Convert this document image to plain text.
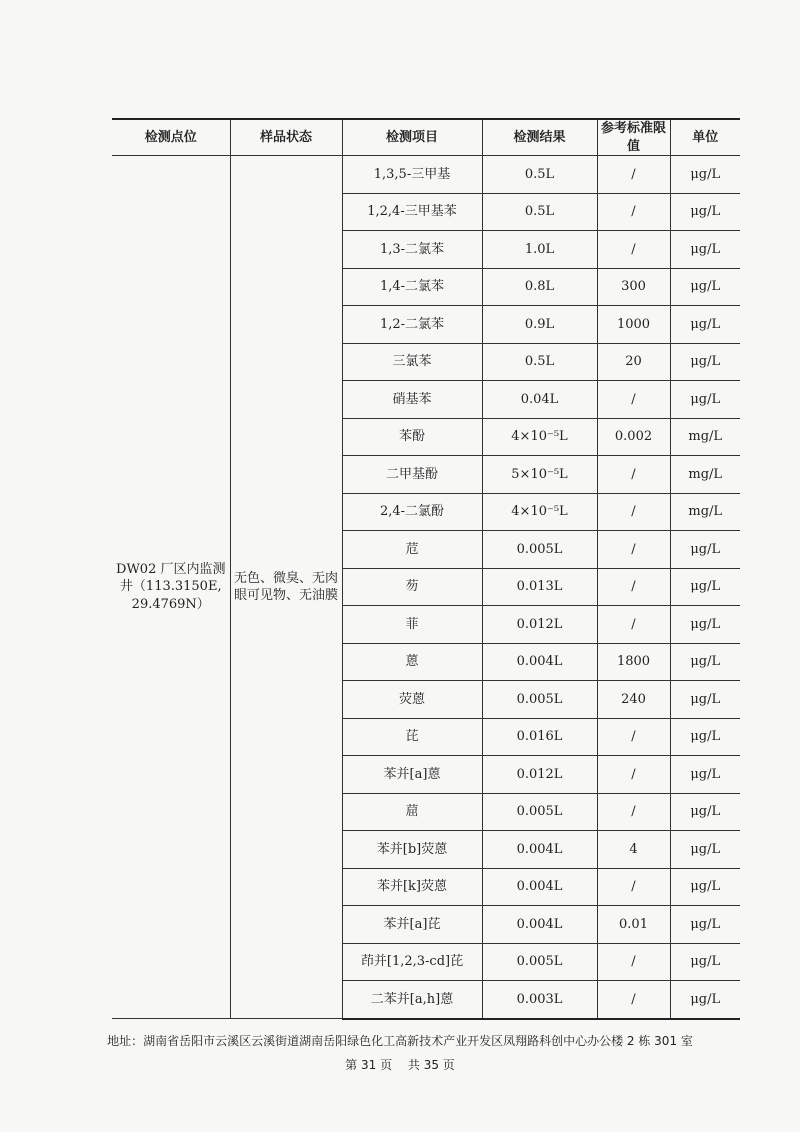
检测点位	样品状态	检测项目	检测结果	参考标准限值	单位
DW02 厂区内监测井（113.3150E, 29.4769N）	无色、微臭、无肉眼可见物、无油膜	1,3,5-三甲基	0.5L	/	μg/L
		1,2,4-三甲基苯	0.5L	/	μg/L
		1,3-二氯苯	1.0L	/	μg/L
		1,4-二氯苯	0.8L	300	μg/L
		1,2-二氯苯	0.9L	1000	μg/L
		三氯苯	0.5L	20	μg/L
		硝基苯	0.04L	/	μg/L
		苯酚	4×10⁻⁵L	0.002	mg/L
		二甲基酚	5×10⁻⁵L	/	mg/L
		2,4-二氯酚	4×10⁻⁵L	/	mg/L
		苊	0.005L	/	μg/L
		芴	0.013L	/	μg/L
		菲	0.012L	/	μg/L
		蒽	0.004L	1800	μg/L
		荧蒽	0.005L	240	μg/L
		芘	0.016L	/	μg/L
		苯并[a]蒽	0.012L	/	μg/L
		䓛	0.005L	/	μg/L
		苯并[b]荧蒽	0.004L	4	μg/L
		苯并[k]荧蒽	0.004L	/	μg/L
		苯并[a]芘	0.004L	0.01	μg/L
		茚并[1,2,3-cd]芘	0.005L	/	μg/L
		二苯并[a,h]蒽	0.003L	/	μg/L
地址：湖南省岳阳市云溪区云溪街道湖南岳阳绿色化工高新技术产业开发区凤翔路科创中心办公楼 2 栋 301 室
第 31 页 共 35 页
